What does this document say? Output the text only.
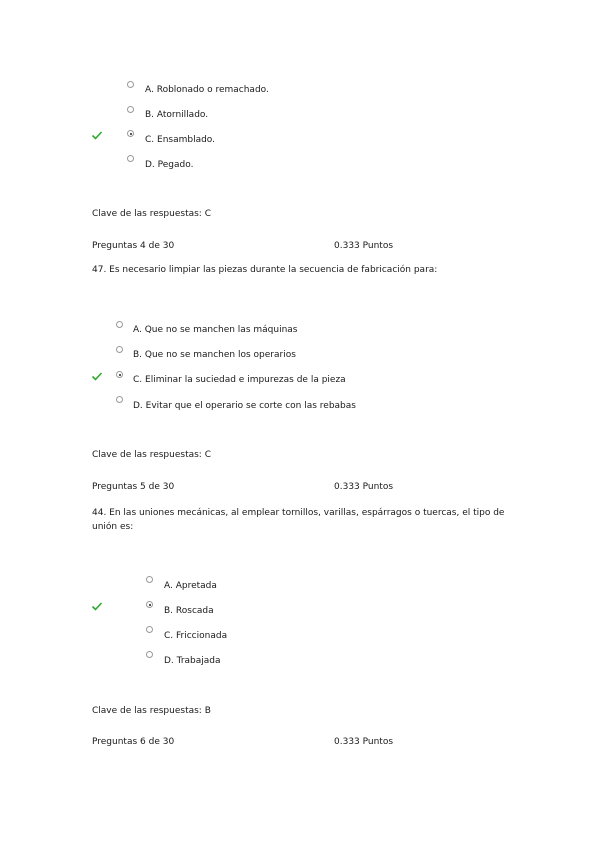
A. Roblonado o remachado.
B. Atornillado.
C. Ensamblado.
D. Pegado.
Clave de las respuestas: C
Preguntas 4 de 30	0.333 Puntos
47. Es necesario limpiar las piezas durante la secuencia de fabricación para:
A. Que no se manchen las máquinas
B. Que no se manchen los operarios
C. Eliminar la suciedad e impurezas de la pieza
D. Evitar que el operario se corte con las rebabas
Clave de las respuestas: C
Preguntas 5 de 30	0.333 Puntos
44. En las uniones mecánicas, al emplear tornillos, varillas, espárragos o tuercas, el tipo de
unión es:
A. Apretada
B. Roscada
C. Friccionada
D. Trabajada
Clave de las respuestas: B
Preguntas 6 de 30	0.333 Puntos
